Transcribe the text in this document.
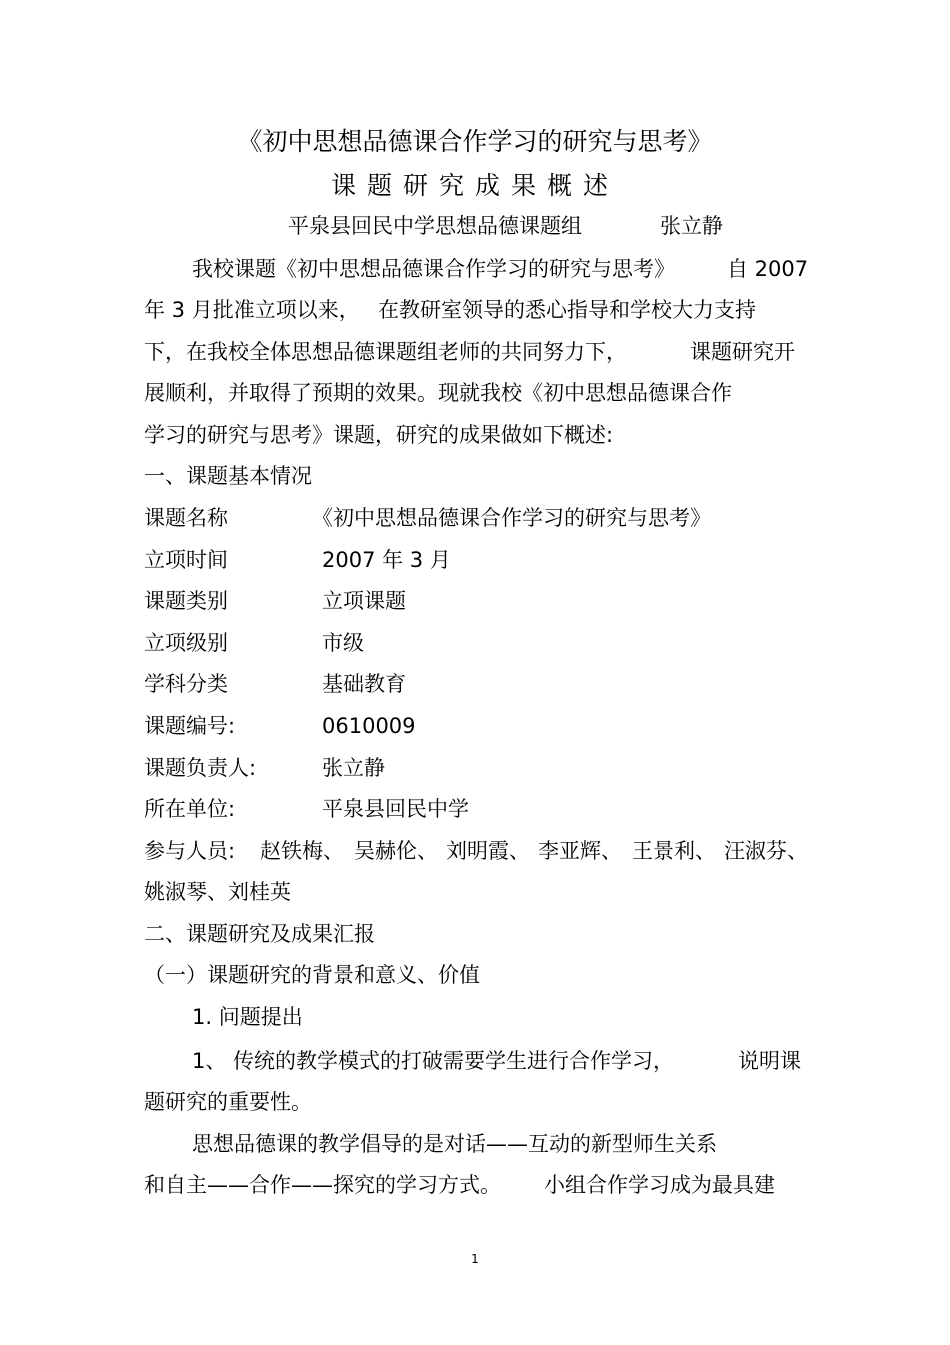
《初中思想品德课合作学习的研究与思考》
课题研究成果概述
平泉县回民中学思想品德课题组	张立静
我校课题《初中思想品德课合作学习的研究与思考》 自 2007
年 3 月批准立项以来， 在教研室领导的悉心指导和学校大力支持
下，在我校全体思想品德课题组老师的共同努力下，	课题研究开
展顺利，并取得了预期的效果。现就我校《初中思想品德课合作
学习的研究与思考》课题，研究的成果做如下概述:
一、课题基本情况
课题名称	《初中思想品德课合作学习的研究与思考》
立项时间	2007 年 3 月
课题类别	立项课题
立项级别	市级
学科分类	基础教育
课题编号:	0610009
课题负责人:	张立静
所在单位:	平泉县回民中学
参与人员: 赵铁梅、 吴赫伦、 刘明霞、 李亚辉、 王景利、 汪淑芬、
姚淑琴、刘桂英
二、课题研究及成果汇报
（一）课题研究的背景和意义、价值
1. 问题提出
1、 传统的教学模式的打破需要学生进行合作学习，	说明课
题研究的重要性。
思想品德课的教学倡导的是对话——互动的新型师生关系
和自主——合作——探究的学习方式。 小组合作学习成为最具建
1
